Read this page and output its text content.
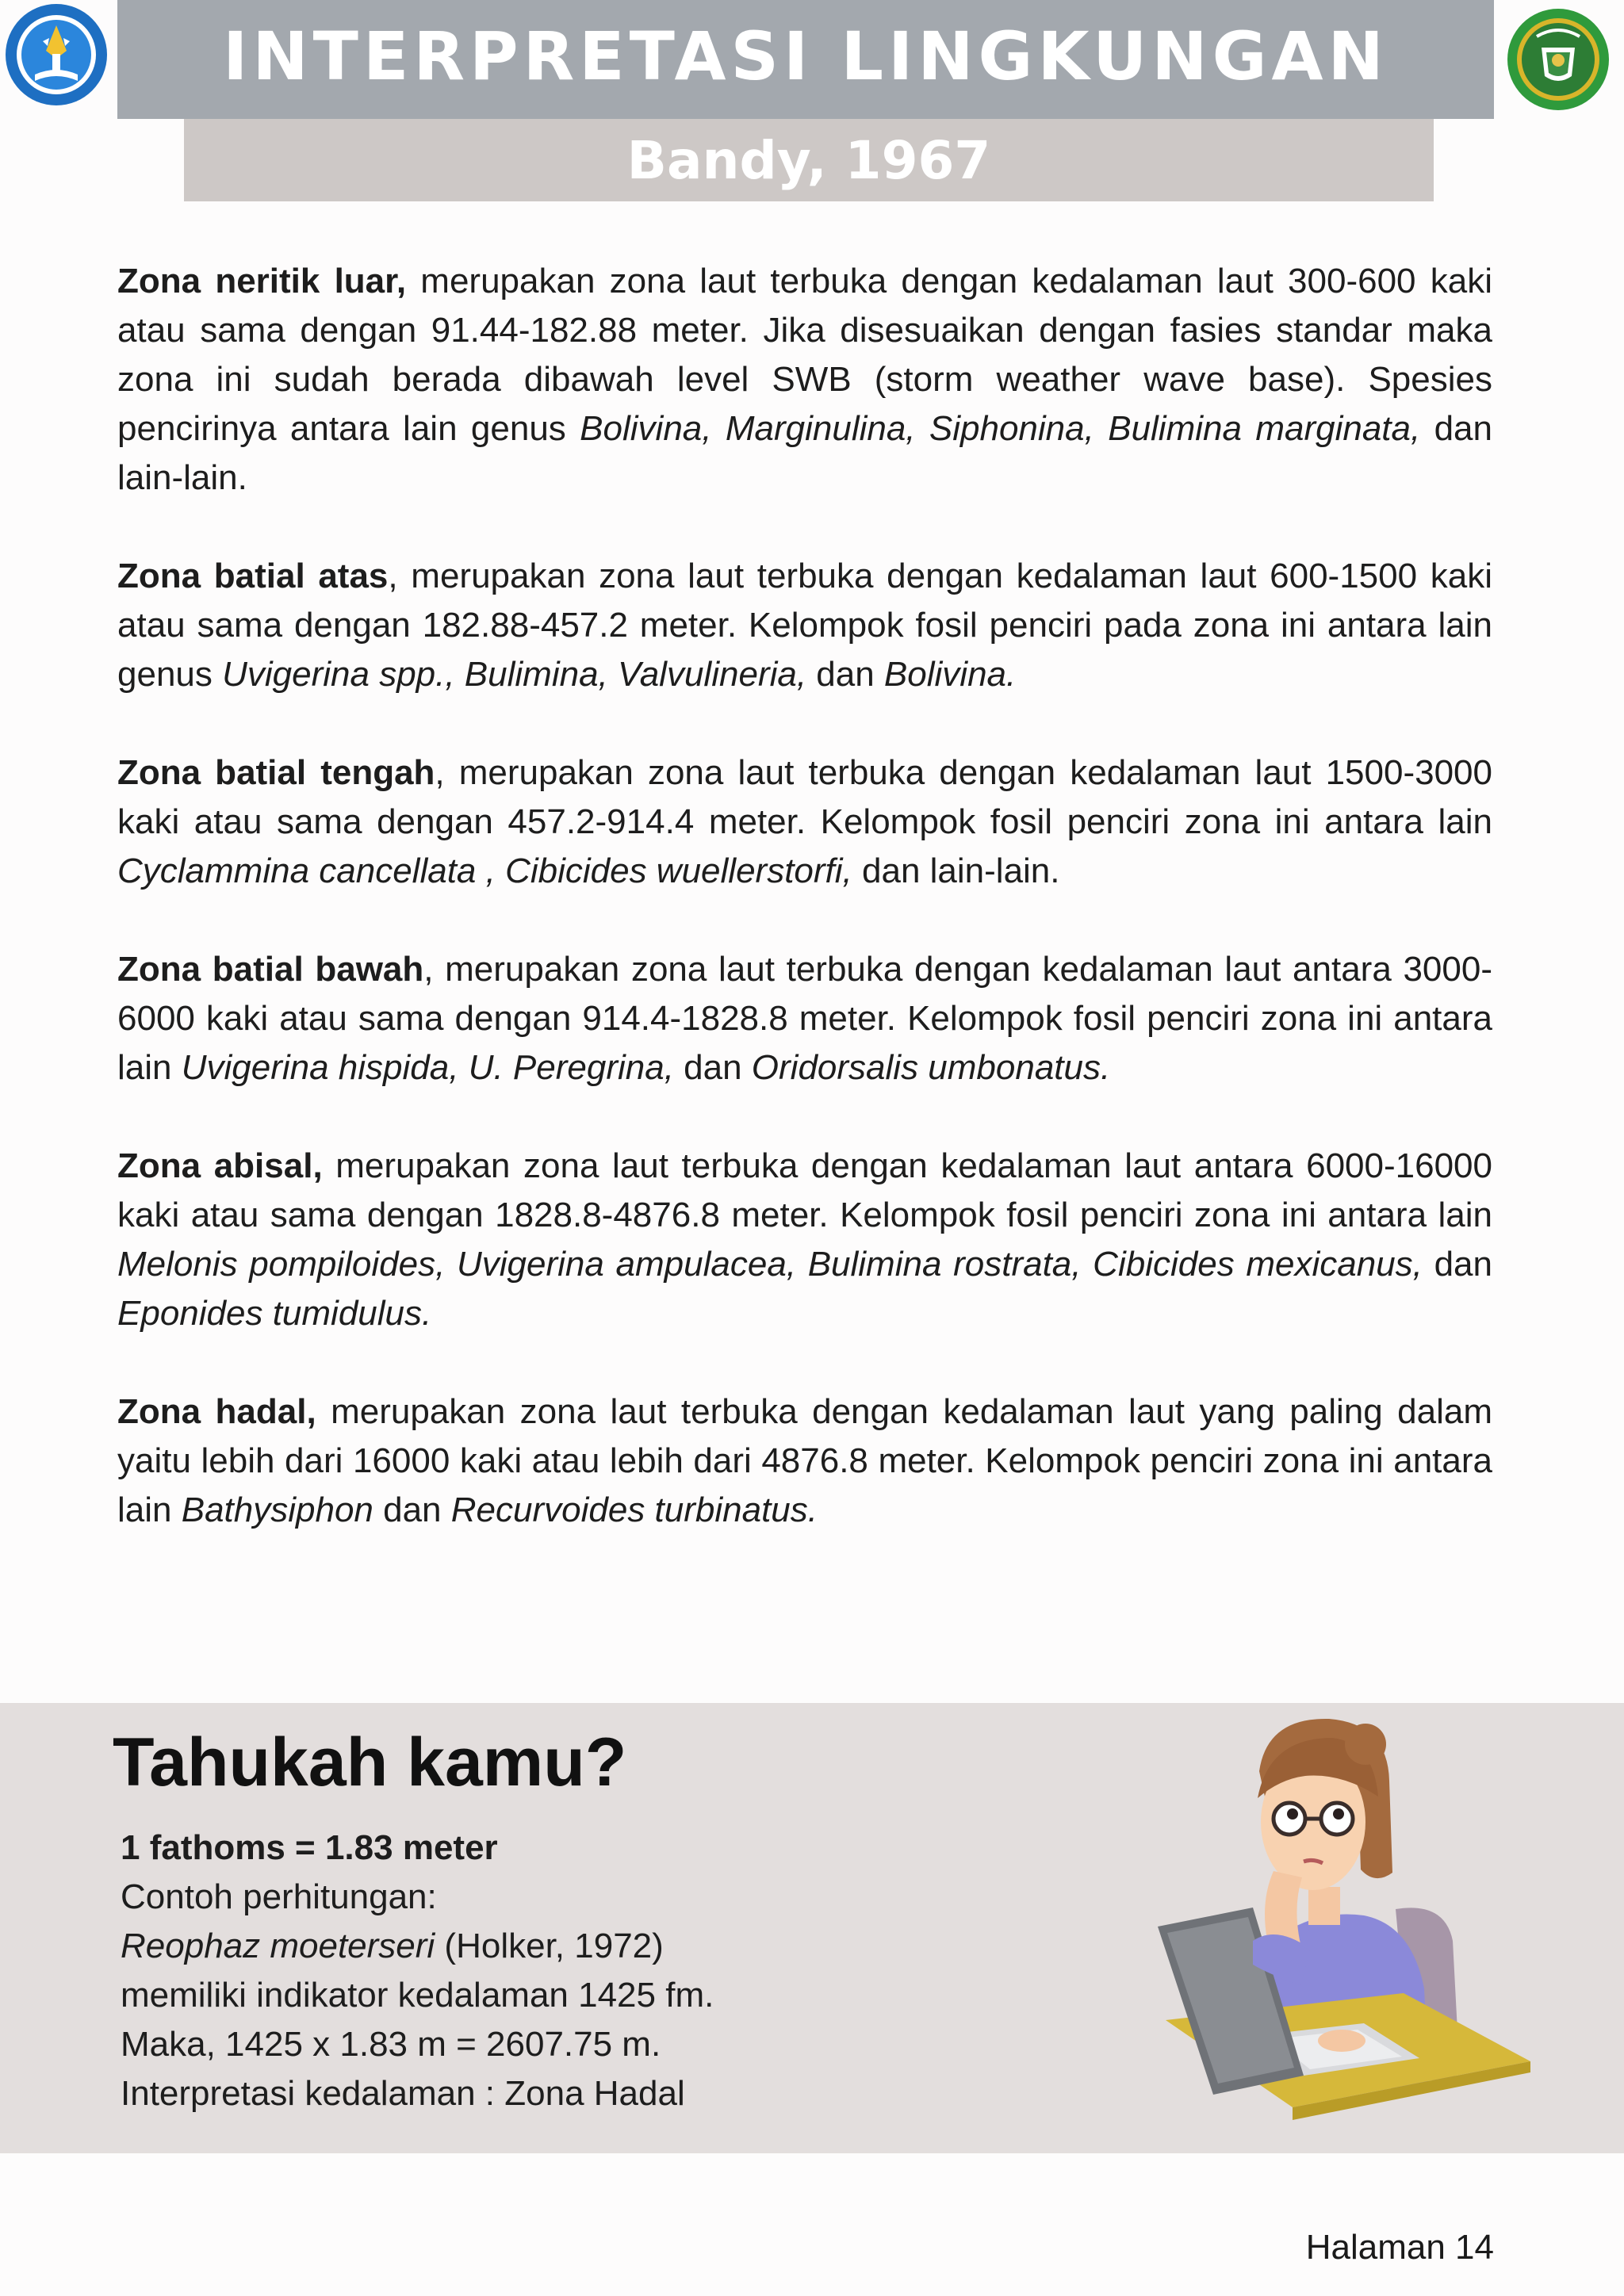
INTERPRETASI LINGKUNGAN
Bandy, 1967

Zona neritik luar, merupakan zona laut terbuka dengan kedalaman laut 300-600 kaki atau sama dengan 91.44-182.88 meter. Jika disesuaikan dengan fasies standar maka zona ini sudah berada dibawah level SWB (storm weather wave base). Spesies pencirinya antara lain genus Bolivina, Marginulina, Siphonina, Bulimina marginata, dan lain-lain.

Zona batial atas, merupakan zona laut terbuka dengan kedalaman laut 600-1500 kaki atau sama dengan 182.88-457.2 meter. Kelompok fosil penciri pada zona ini antara lain genus Uvigerina spp., Bulimina, Valvulineria, dan Bolivina.

Zona batial tengah, merupakan zona laut terbuka dengan kedalaman laut 1500-3000 kaki atau sama dengan 457.2-914.4 meter. Kelompok fosil penciri zona ini antara lain Cyclammina cancellata , Cibicides wuellerstorfi, dan lain-lain.

Zona batial bawah, merupakan zona laut terbuka dengan kedalaman laut antara 3000-6000 kaki atau sama dengan 914.4-1828.8 meter. Kelompok fosil penciri zona ini antara lain Uvigerina hispida, U. Peregrina, dan Oridorsalis umbonatus.

Zona abisal, merupakan zona laut terbuka dengan kedalaman laut antara 6000-16000 kaki atau sama dengan 1828.8-4876.8 meter. Kelompok fosil penciri zona ini antara lain Melonis pompiloides, Uvigerina ampulacea, Bulimina rostrata, Cibicides mexicanus, dan Eponides tumidulus.

Zona hadal, merupakan zona laut terbuka dengan kedalaman laut yang paling dalam yaitu lebih dari 16000 kaki atau lebih dari 4876.8 meter. Kelompok penciri zona ini antara lain Bathysiphon dan Recurvoides turbinatus.

Tahukah kamu?
1 fathoms = 1.83 meter
Contoh perhitungan:
Reophaz moeterseri (Holker, 1972)
memiliki indikator kedalaman 1425 fm.
Maka, 1425 x 1.83 m = 2607.75 m.
Interpretasi kedalaman : Zona Hadal
Halaman 14
